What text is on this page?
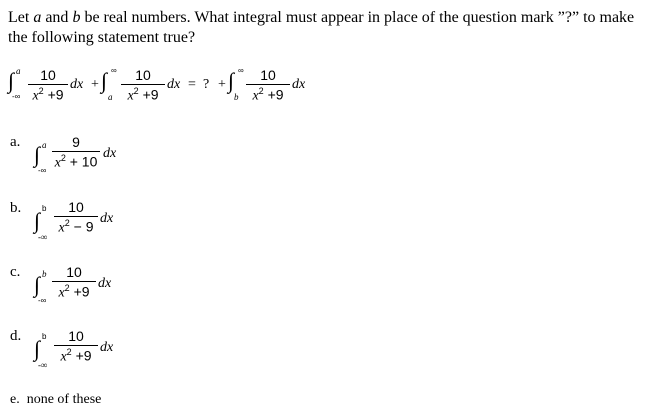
Let a and b be real numbers. What integral must appear in place of the question mark ”?” to make the following statement true?
∫ a
-∞
10
$x^2 +9$
dx + ∫ ∞
a
10
$x^2 +9$
dx = ? + ∫ ∞
b
10
$x^2 +9$
dx
a. ∫ a
-∞
9
$x^2 + 10$
dx
b. ∫ b
-∞
10
$x^2 - 9$
dx
c. ∫ b
-∞
10
$x^2 +9$
dx
d. ∫ b
-∞
10
$x^2 +9$
dx
e. none of these
